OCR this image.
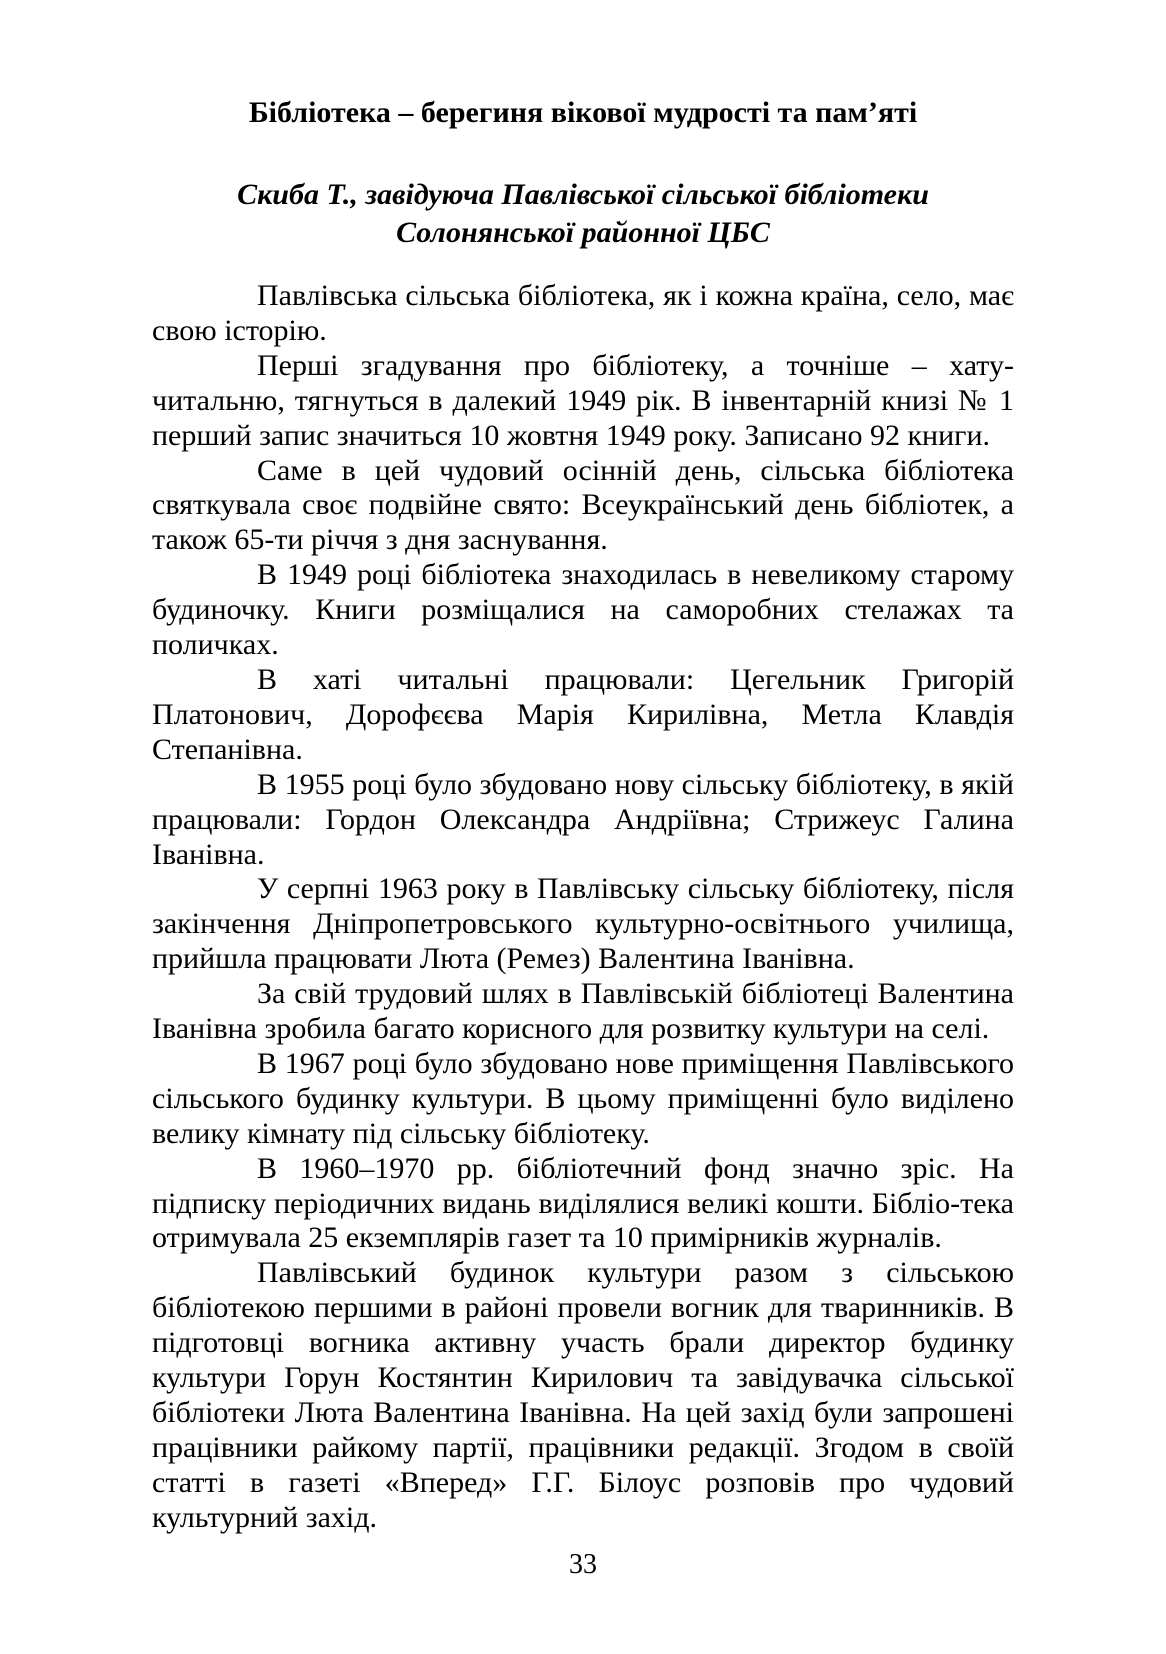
Бібліотека – берегиня вікової мудрості та пам’яті
Скиба Т., завідуюча Павлівської сільської бібліотеки
Солонянської районної ЦБС

Павлівська сільська бібліотека, як і кожна країна, село, має свою історію.

Перші згадування про бібліотеку, а точніше – хату-читальню, тягнуться в далекий 1949 рік. В інвентарній книзі № 1 перший запис значиться 10 жовтня 1949 року. Записано 92 книги.

Саме в цей чудовий осінній день, сільська бібліотека святкувала своє подвійне свято: Всеукраїнський день бібліотек, а також 65-ти річчя з дня заснування.

В 1949 році бібліотека знаходилась в невеликому старому будиночку. Книги розміщалися на саморобних стелажах та поличках.

В хаті читальні працювали: Цегельник Григорій Платонович, Дорофєєва Марія Кирилівна, Метла Клавдія Степанівна.

В 1955 році було збудовано нову сільську бібліотеку, в якій працювали: Гордон Олександра Андріївна; Стрижеус Галина Іванівна.

У серпні 1963 року в Павлівську сільську бібліотеку, після закінчення Дніпропетровського культурно-освітнього училища, прийшла працювати Люта (Ремез) Валентина Іванівна.

За свій трудовий шлях в Павлівській бібліотеці Валентина Іванівна зробила багато корисного для розвитку культури на селі.

В 1967 році було збудовано нове приміщення Павлівського сільського будинку культури. В цьому приміщенні було виділено велику кімнату під сільську бібліотеку.

В 1960–1970 рр. бібліотечний фонд значно зріс. На підписку періодичних видань виділялися великі кошти. Бібліо-тека отримувала 25 екземплярів газет та 10 примірників журналів.

Павлівський будинок культури разом з сільською бібліотекою першими в районі провели вогник для тваринників. В підготовці вогника активну участь брали директор будинку культури Горун Костянтин Кирилович та завідувачка сільської бібліотеки Люта Валентина Іванівна. На цей захід були запрошені працівники райкому партії, працівники редакції. Згодом в своїй статті в газеті «Вперед» Г.Г. Білоус розповів про чудовий культурний захід.

33
